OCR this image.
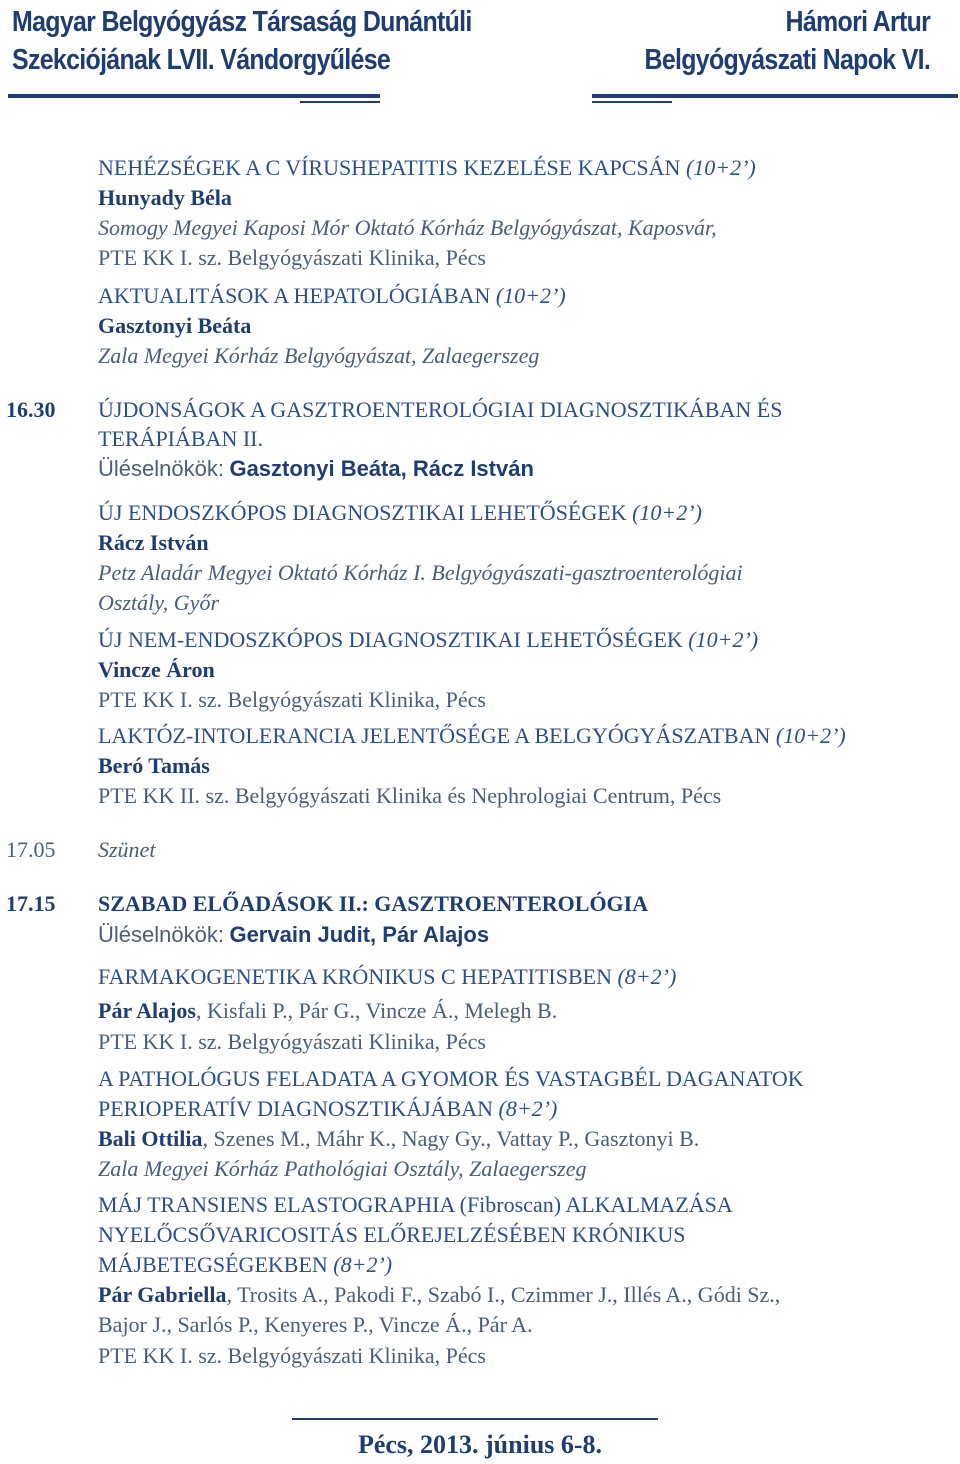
Magyar Belgyógyász Társaság Dunántúli
Szekciójának LVII. Vándorgyűlése
Hámori Artur
Belgyógyászati Napok VI.
NEHÉZSÉGEK A C VÍRUSHEPATITIS KEZELÉSE KAPCSÁN (10+2’)
Hunyady Béla
Somogy Megyei Kaposi Mór Oktató Kórház Belgyógyászat, Kaposvár,
PTE KK I. sz. Belgyógyászati Klinika, Pécs
AKTUALITÁSOK A HEPATOLÓGIÁBAN (10+2’)
Gasztonyi Beáta
Zala Megyei Kórház Belgyógyászat, Zalaegerszeg
16.30 ÚJDONSÁGOK A GASZTROENTEROLÓGIAI DIAGNOSZTIKÁBAN ÉS
TERÁPIÁBAN II.
Üléselnökök: Gasztonyi Beáta, Rácz István
ÚJ ENDOSZKÓPOS DIAGNOSZTIKAI LEHETŐSÉGEK (10+2’)
Rácz István
Petz Aladár Megyei Oktató Kórház I. Belgyógyászati-gasztroenterológiai
Osztály, Győr
ÚJ NEM-ENDOSZKÓPOS DIAGNOSZTIKAI LEHETŐSÉGEK (10+2’)
Vincze Áron
PTE KK I. sz. Belgyógyászati Klinika, Pécs
LAKTÓZ-INTOLERANCIA JELENTŐSÉGE A BELGYÓGYÁSZATBAN (10+2’)
Beró Tamás
PTE KK II. sz. Belgyógyászati Klinika és Nephrologiai Centrum, Pécs
17.05 Szünet
17.15 SZABAD ELŐADÁSOK II.: GASZTROENTEROLÓGIA
Üléselnökök: Gervain Judit, Pár Alajos
FARMAKOGENETIKA KRÓNIKUS C HEPATITISBEN (8+2’)
Pár Alajos, Kisfali P., Pár G., Vincze Á., Melegh B.
PTE KK I. sz. Belgyógyászati Klinika, Pécs
A PATHOLÓGUS FELADATA A GYOMOR ÉS VASTAGBÉL DAGANATOK
PERIOPERATÍV DIAGNOSZTIKÁJÁBAN (8+2’)
Bali Ottilia, Szenes M., Máhr K., Nagy Gy., Vattay P., Gasztonyi B.
Zala Megyei Kórház Pathológiai Osztály, Zalaegerszeg
MÁJ TRANSIENS ELASTOGRAPHIA (Fibroscan) ALKALMAZÁSA
NYELŐCSŐVARICOSITÁS ELŐREJELZÉSÉBEN KRÓNIKUS
MÁJBETEGSÉGEKBEN (8+2’)
Pár Gabriella, Trosits A., Pakodi F., Szabó I., Czimmer J., Illés A., Gódi Sz.,
Bajor J., Sarlós P., Kenyeres P., Vincze Á., Pár A.
PTE KK I. sz. Belgyógyászati Klinika, Pécs
Pécs, 2013. június 6-8.
